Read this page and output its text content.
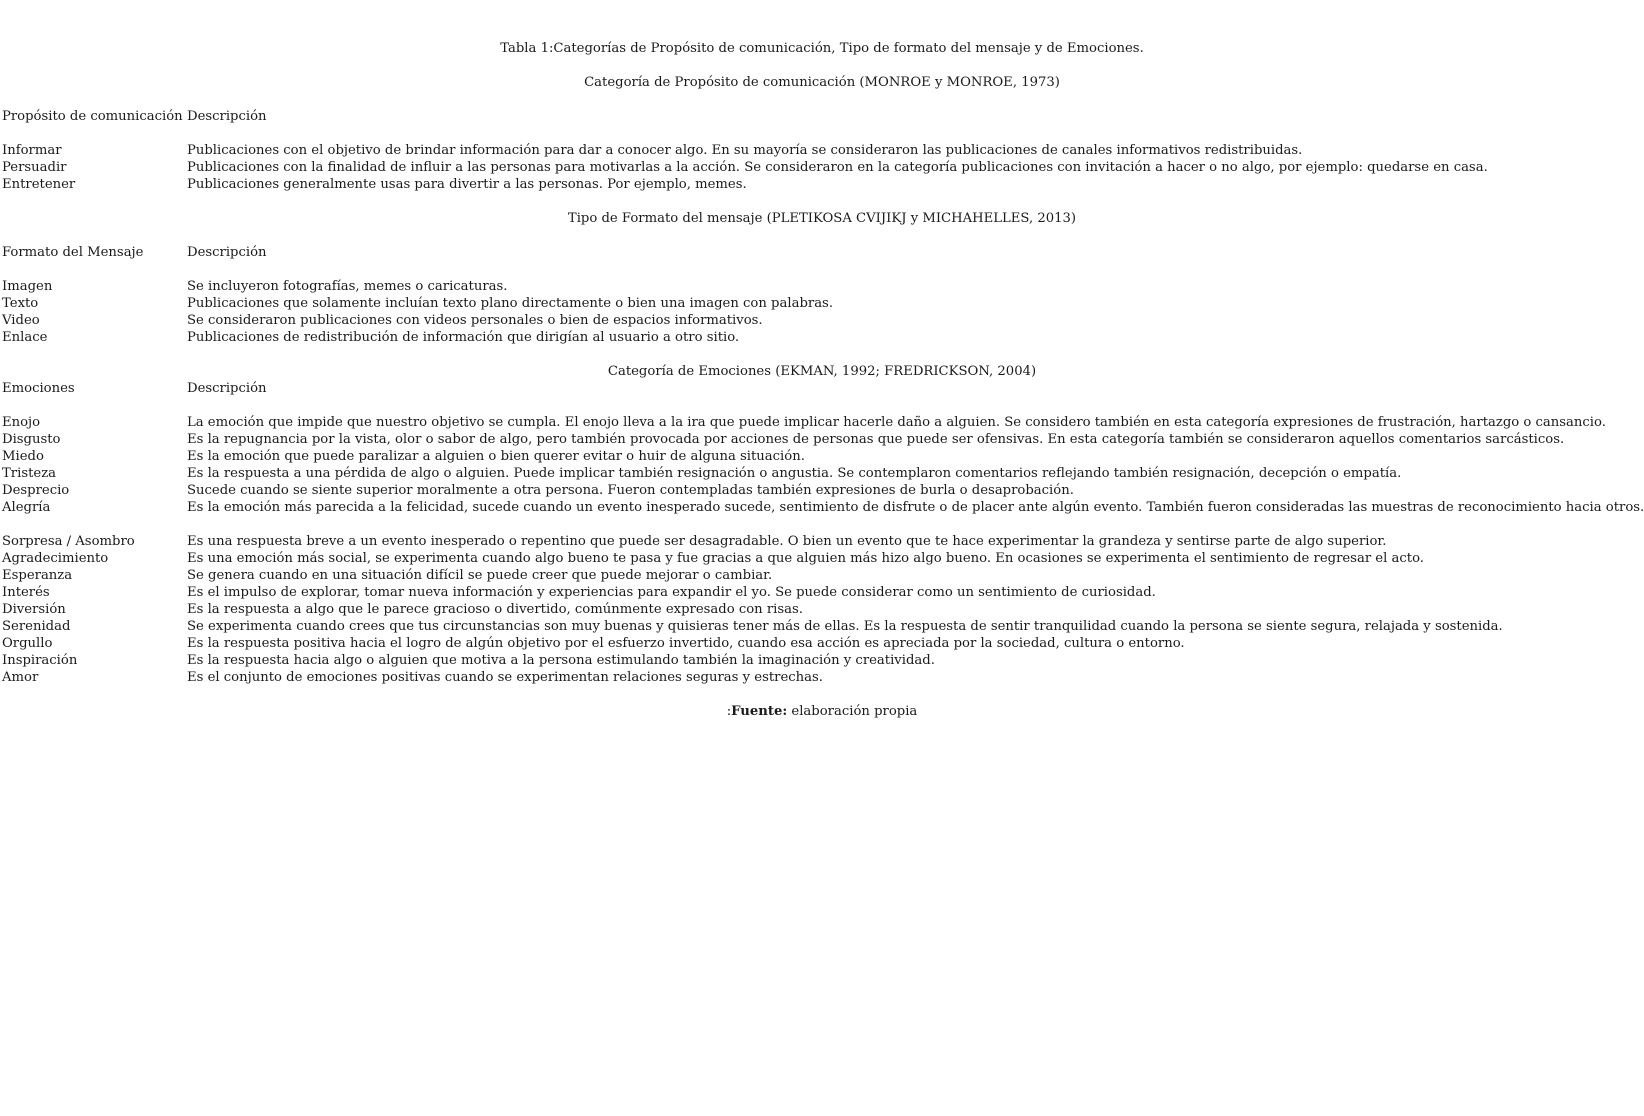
Tabla 1:Categorías de Propósito de comunicación, Tipo de formato del mensaje y de Emociones.
Categoría de Propósito de comunicación (MONROE y MONROE, 1973)
Propósito de comunicación Descripción
Informar	Publicaciones con el objetivo de brindar información para dar a conocer algo. En su mayoría se consideraron las publicaciones de canales informativos redistribuidas.
Persuadir	Publicaciones con la finalidad de influir a las personas para motivarlas a la acción. Se consideraron en la categoría publicaciones con invitación a hacer o no algo, por ejemplo: quedarse en casa.
Entretener	Publicaciones generalmente usas para divertir a las personas. Por ejemplo, memes.
Tipo de Formato del mensaje (PLETIKOSA CVIJIKJ y MICHAHELLES, 2013)
Formato del Mensaje	Descripción
Imagen	Se incluyeron fotografías, memes o caricaturas.
Texto	Publicaciones que solamente incluían texto plano directamente o bien una imagen con palabras.
Video	Se consideraron publicaciones con videos personales o bien de espacios informativos.
Enlace	Publicaciones de redistribución de información que dirigían al usuario a otro sitio.
Categoría de Emociones (EKMAN, 1992; FREDRICKSON, 2004)
Emociones	Descripción
Enojo	La emoción que impide que nuestro objetivo se cumpla. El enojo lleva a la ira que puede implicar hacerle daño a alguien. Se considero también en esta categoría expresiones de frustración, hartazgo o cansancio.
Disgusto	Es la repugnancia por la vista, olor o sabor de algo, pero también provocada por acciones de personas que puede ser ofensivas. En esta categoría también se consideraron aquellos comentarios sarcásticos.
Miedo	Es la emoción que puede paralizar a alguien o bien querer evitar o huir de alguna situación.
Tristeza	Es la respuesta a una pérdida de algo o alguien. Puede implicar también resignación o angustia. Se contemplaron comentarios reflejando también resignación, decepción o empatía.
Desprecio	Sucede cuando se siente superior moralmente a otra persona. Fueron contempladas también expresiones de burla o desaprobación.
Alegría	Es la emoción más parecida a la felicidad, sucede cuando un evento inesperado sucede, sentimiento de disfrute o de placer ante algún evento. También fueron consideradas las muestras de reconocimiento hacia otros.
Sorpresa / Asombro	Es una respuesta breve a un evento inesperado o repentino que puede ser desagradable. O bien un evento que te hace experimentar la grandeza y sentirse parte de algo superior.
Agradecimiento	Es una emoción más social, se experimenta cuando algo bueno te pasa y fue gracias a que alguien más hizo algo bueno. En ocasiones se experimenta el sentimiento de regresar el acto.
Esperanza	Se genera cuando en una situación difícil se puede creer que puede mejorar o cambiar.
Interés	Es el impulso de explorar, tomar nueva información y experiencias para expandir el yo. Se puede considerar como un sentimiento de curiosidad.
Diversión	Es la respuesta a algo que le parece gracioso o divertido, comúnmente expresado con risas.
Serenidad	Se experimenta cuando crees que tus circunstancias son muy buenas y quisieras tener más de ellas. Es la respuesta de sentir tranquilidad cuando la persona se siente segura, relajada y sostenida.
Orgullo	Es la respuesta positiva hacia el logro de algún objetivo por el esfuerzo invertido, cuando esa acción es apreciada por la sociedad, cultura o entorno.
Inspiración	Es la respuesta hacia algo o alguien que motiva a la persona estimulando también la imaginación y creatividad.
Amor	Es el conjunto de emociones positivas cuando se experimentan relaciones seguras y estrechas.
:Fuente: elaboración propia
